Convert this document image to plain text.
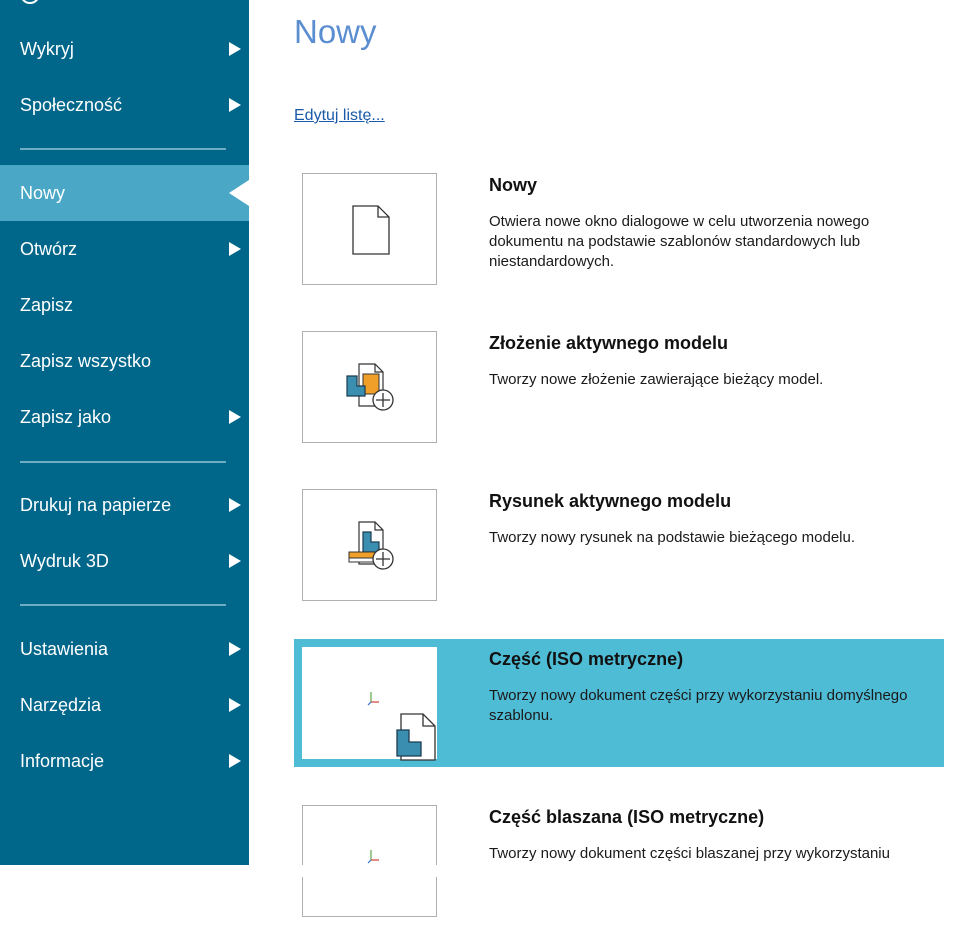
Wykryj
Społeczność
Nowy
Otwórz
Zapisz
Zapisz wszystko
Zapisz jako
Drukuj na papierze
Wydruk 3D
Ustawienia
Narzędzia
Informacje
Nowy
Edytuj listę...
Nowy
Otwiera nowe okno dialogowe w celu utworzenia nowego dokumentu na podstawie szablonów standardowych lub niestandardowych.
Złożenie aktywnego modelu
Tworzy nowe złożenie zawierające bieżący model.
Rysunek aktywnego modelu
Tworzy nowy rysunek na podstawie bieżącego modelu.
Część (ISO metryczne)
Tworzy nowy dokument części przy wykorzystaniu domyślnego szablonu.
Część blaszana (ISO metryczne)
Tworzy nowy dokument części blaszanej przy wykorzystaniu
